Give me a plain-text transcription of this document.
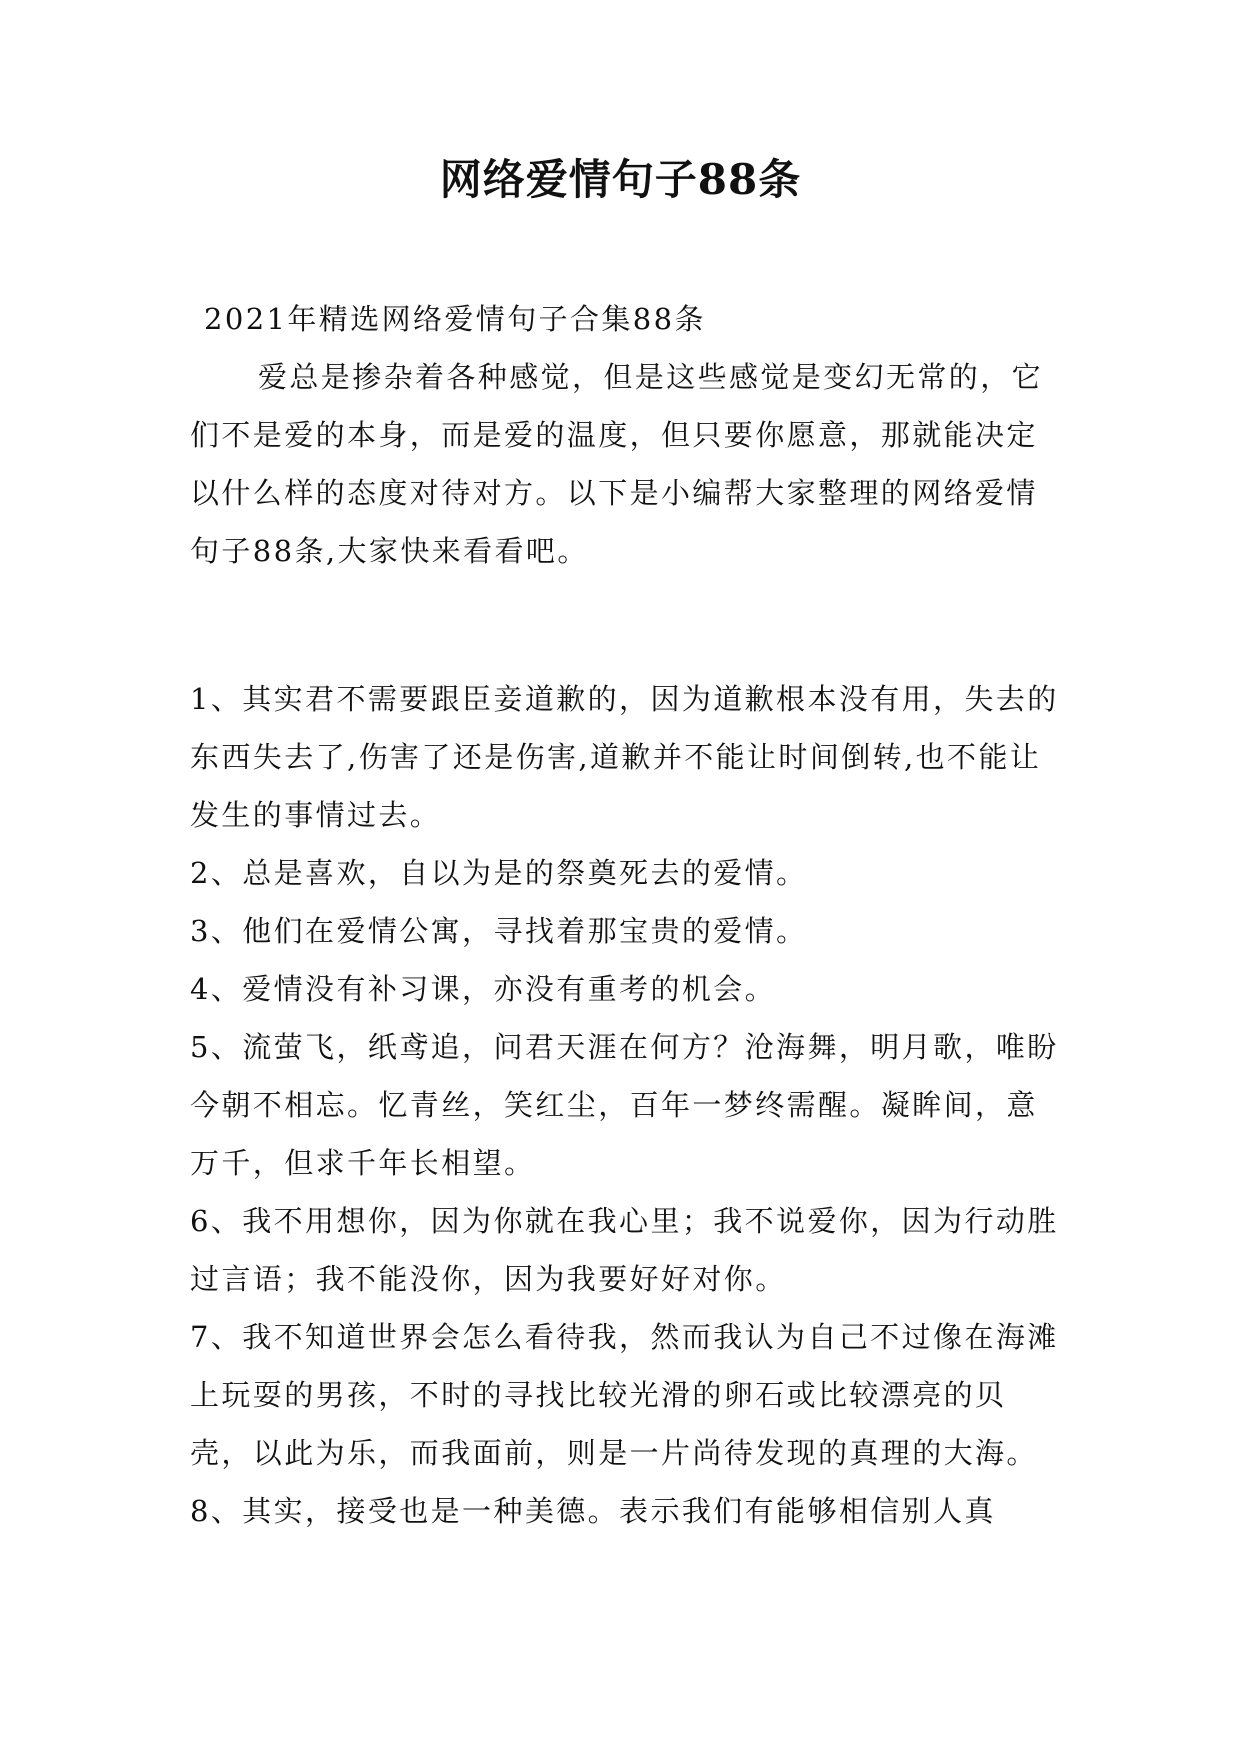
网络爱情句子88条

2021年精选网络爱情句子合集88条

爱总是掺杂着各种感觉，但是这些感觉是变幻无常的，它们不是爱的本身，而是爱的温度，但只要你愿意，那就能决定以什么样的态度对待对方。以下是小编帮大家整理的网络爱情句子88条,大家快来看看吧。

1、其实君不需要跟臣妾道歉的，因为道歉根本没有用，失去的东西失去了,伤害了还是伤害,道歉并不能让时间倒转,也不能让发生的事情过去。

2、总是喜欢，自以为是的祭奠死去的爱情。

3、他们在爱情公寓，寻找着那宝贵的爱情。

4、爱情没有补习课，亦没有重考的机会。

5、流萤飞，纸鸢追，问君天涯在何方？沧海舞，明月歌，唯盼今朝不相忘。忆青丝，笑红尘，百年一梦终需醒。凝眸间，意万千，但求千年长相望。

6、我不用想你，因为你就在我心里；我不说爱你，因为行动胜过言语；我不能没你，因为我要好好对你。

7、我不知道世界会怎么看待我，然而我认为自己不过像在海滩上玩耍的男孩，不时的寻找比较光滑的卵石或比较漂亮的贝壳，以此为乐，而我面前，则是一片尚待发现的真理的大海。

8、其实，接受也是一种美德。表示我们有能够相信别人真
